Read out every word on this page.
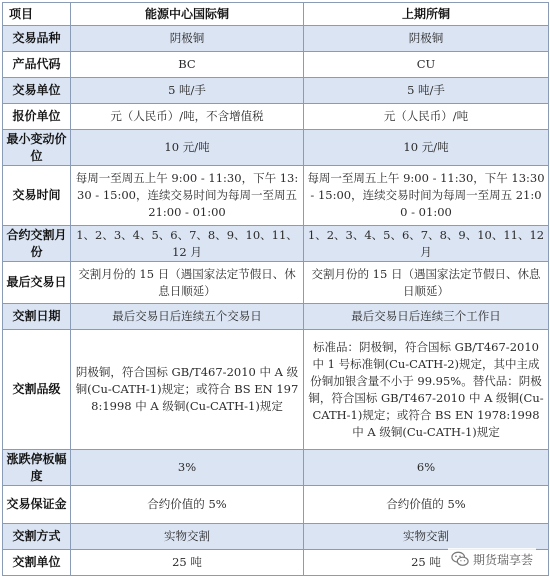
项目	能源中心国际铜	上期所铜
交易品种	阴极铜	阴极铜
产品代码	BC	CU
交易单位	5 吨/手	5 吨/手
报价单位	元（人民币）/吨，不含增值税	元（人民币）/吨
最小变动价位	10 元/吨	10 元/吨
交易时间	每周一至周五上午 9:00 - 11:30，下午 13:30 - 15:00，连续交易时间为每周一至周五 21:00 - 01:00	每周一至周五上午 9:00 - 11:30，下午 13:30 - 15:00，连续交易时间为每周一至周五 21:00 - 01:00
合约交割月份	1、2、3、4、5、6、7、8、9、10、11、12 月	1、2、3、4、5、6、7、8、9、10、11、12 月
最后交易日	交割月份的 15 日（遇国家法定节假日、休息日顺延）	交割月份的 15 日（遇国家法定节假日、休息日顺延）
交割日期	最后交易日后连续五个交易日	最后交易日后连续三个工作日
交割品级	阴极铜，符合国标 GB/T467-2010 中 A 级铜(Cu-CATH-1)规定；或符合 BS EN 1978:1998 中 A 级铜(Cu-CATH-1)规定	标准品：阴极铜，符合国标 GB/T467-2010 中 1 号标准铜(Cu-CATH-2)规定，其中主成份铜加银含量不小于 99.95%。替代品：阴极铜，符合国标 GB/T467-2010 中 A 级铜(Cu-CATH-1)规定；或符合 BS EN 1978:1998 中 A 级铜(Cu-CATH-1)规定
涨跌停板幅度	3%	6%
交易保证金	合约价值的 5%	合约价值的 5%
交割方式	实物交割	实物交割
交割单位	25 吨	25 吨	期货瑞享荟
